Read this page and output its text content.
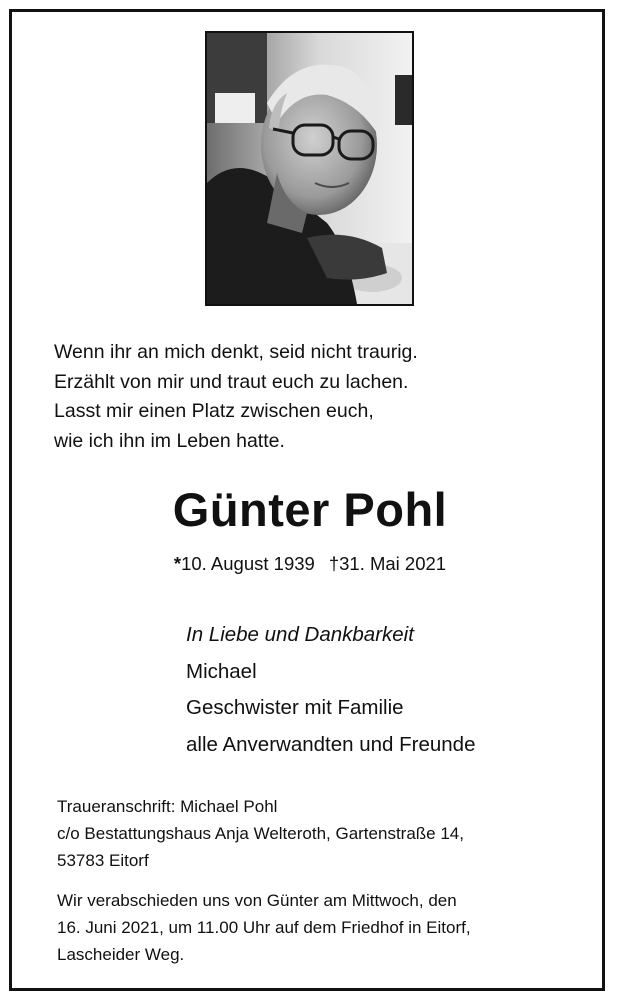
Wenn ihr an mich denkt, seid nicht traurig.
Erzählt von mir und traut euch zu lachen.
Lasst mir einen Platz zwischen euch,
wie ich ihn im Leben hatte.
Günter Pohl
*10. August 1939 †31. Mai 2021
In Liebe und Dankbarkeit
Michael
Geschwister mit Familie
alle Anverwandten und Freunde
Traueranschrift: Michael Pohl
c/o Bestattungshaus Anja Welteroth, Gartenstraße 14,
53783 Eitorf
Wir verabschieden uns von Günter am Mittwoch, den
16. Juni 2021, um 11.00 Uhr auf dem Friedhof in Eitorf,
Lascheider Weg.
